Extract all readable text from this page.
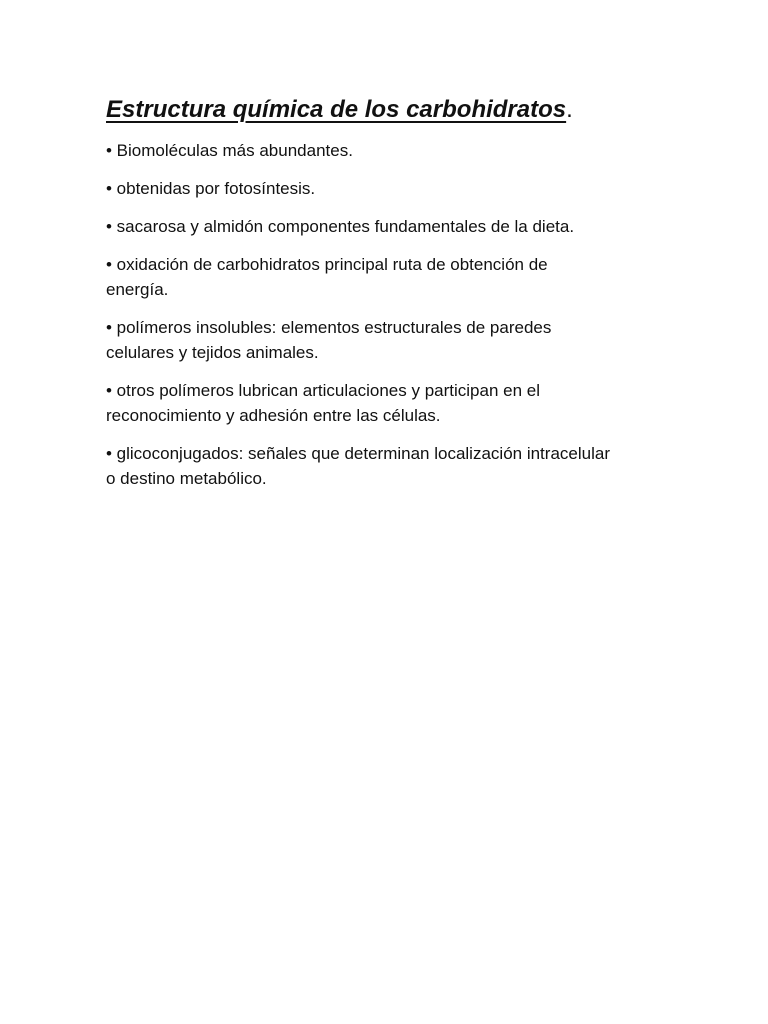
Estructura química de los carbohidratos.
• Biomoléculas más abundantes.
• obtenidas por fotosíntesis.
• sacarosa y almidón componentes fundamentales de la dieta.
• oxidación de carbohidratos principal ruta de obtención de
energía.
• polímeros insolubles: elementos estructurales de paredes
celulares y tejidos animales.
• otros polímeros lubrican articulaciones y participan en el
reconocimiento y adhesión entre las células.
• glicoconjugados: señales que determinan localización intracelular
o destino metabólico.
